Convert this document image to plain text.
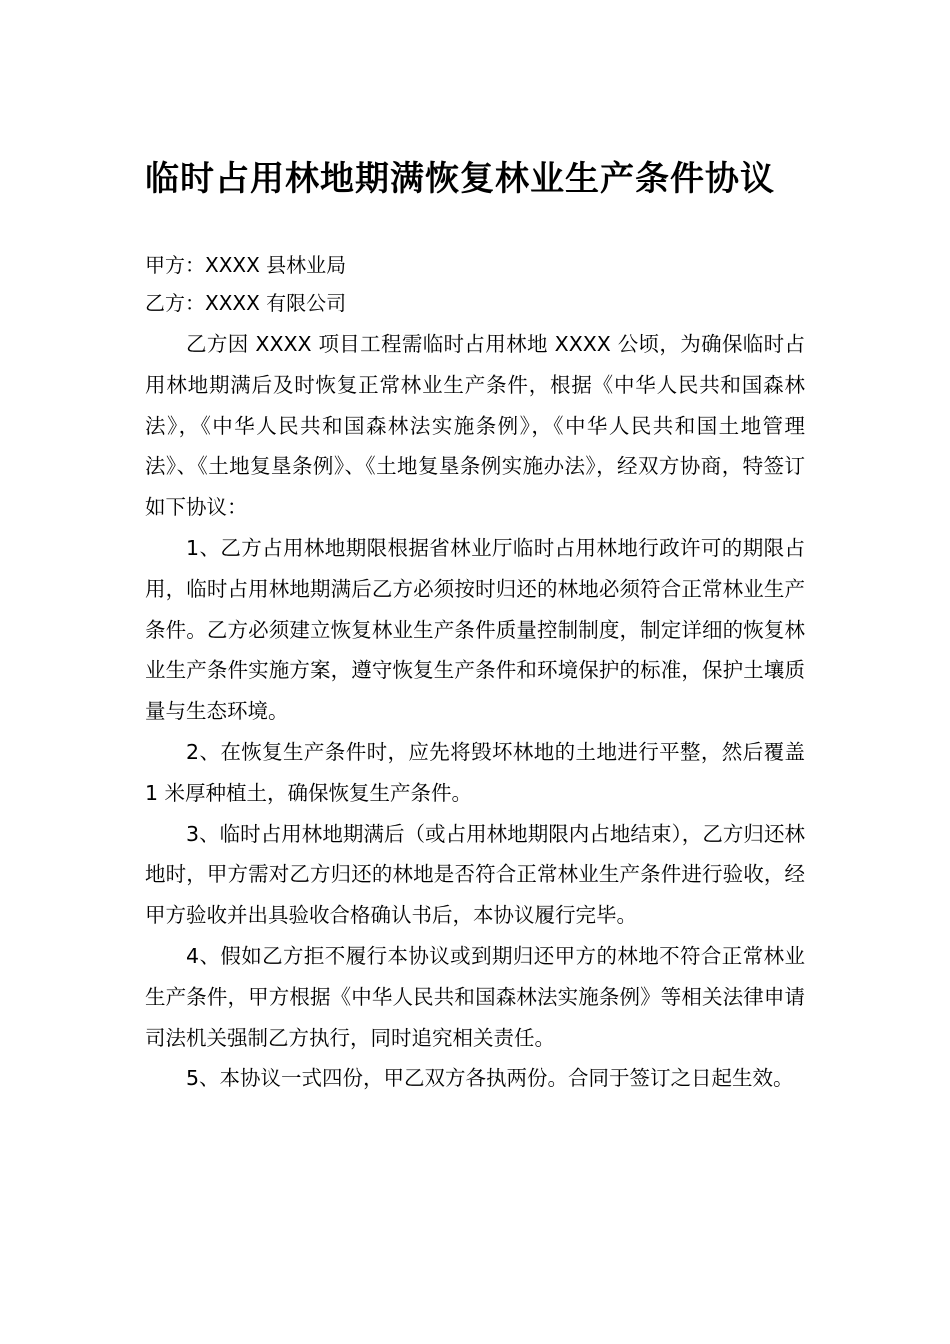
临时占用林地期满恢复林业生产条件协议
甲方：XXXX 县林业局
乙方：XXXX 有限公司

乙方因 XXXX 项目工程需临时占用林地 XXXX 公顷，为确保临时占用林地期满后及时恢复正常林业生产条件，根据《中华人民共和国森林法》，《中华人民共和国森林法实施条例》，《中华人民共和国土地管理法》、《土地复垦条例》、《土地复垦条例实施办法》，经双方协商，特签订如下协议：

1、乙方占用林地期限根据省林业厅临时占用林地行政许可的期限占用，临时占用林地期满后乙方必须按时归还的林地必须符合正常林业生产条件。乙方必须建立恢复林业生产条件质量控制制度，制定详细的恢复林业生产条件实施方案，遵守恢复生产条件和环境保护的标准，保护土壤质量与生态环境。

2、在恢复生产条件时，应先将毁坏林地的土地进行平整，然后覆盖 1 米厚种植土，确保恢复生产条件。

3、临时占用林地期满后（或占用林地期限内占地结束），乙方归还林地时，甲方需对乙方归还的林地是否符合正常林业生产条件进行验收，经甲方验收并出具验收合格确认书后，本协议履行完毕。

4、假如乙方拒不履行本协议或到期归还甲方的林地不符合正常林业生产条件，甲方根据《中华人民共和国森林法实施条例》等相关法律申请司法机关强制乙方执行，同时追究相关责任。

5、本协议一式四份，甲乙双方各执两份。合同于签订之日起生效。
